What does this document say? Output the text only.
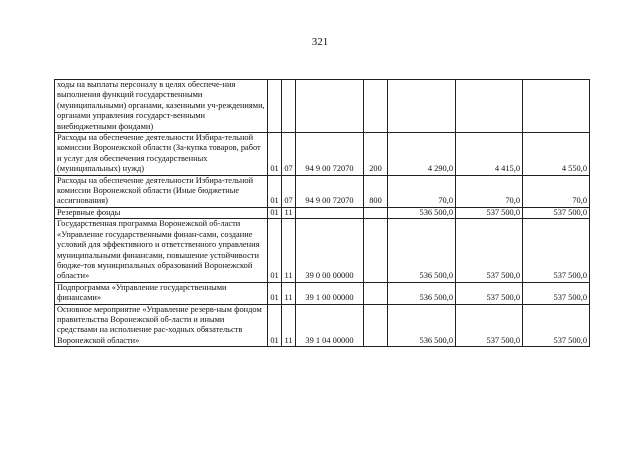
321
ходы на выплаты персоналу в целях обеспече-ния выполнения функций государственными (муниципальными) органами, казенными уч-реждениями, органами управления государст-венными внебюджетными фондами)							
Расходы на обеспечение деятельности Избира-тельной комиссии Воронежской области (За-купка товаров, работ и услуг для обеспечения государственных (муниципальных) нужд)	01	07	94 9 00 72070	200	4 290,0	4 415,0	4 550,0
Расходы на обеспечение деятельности Избира-тельной комиссии Воронежской области (Иные бюджетные ассигнования)	01	07	94 9 00 72070	800	70,0	70,0	70,0
Резервные фонды	01	11			536 500,0	537 500,0	537 500,0
Государственная программа Воронежской об-ласти «Управление государственными финан-сами, создание условий для эффективного и ответственного управления муниципальными финансами, повышение устойчивости бюдже-тов муниципальных образований Воронежской области»	01	11	39 0 00 00000		536 500,0	537 500,0	537 500,0
Подпрограмма «Управление государственными финансами»	01	11	39 1 00 00000		536 500,0	537 500,0	537 500,0
Основное мероприятие «Управление резерв-ным фондом правительства Воронежской об-ласти и иными средствами на исполнение рас-ходных обязательств Воронежской области»	01	11	39 1 04 00000		536 500,0	537 500,0	537 500,0
